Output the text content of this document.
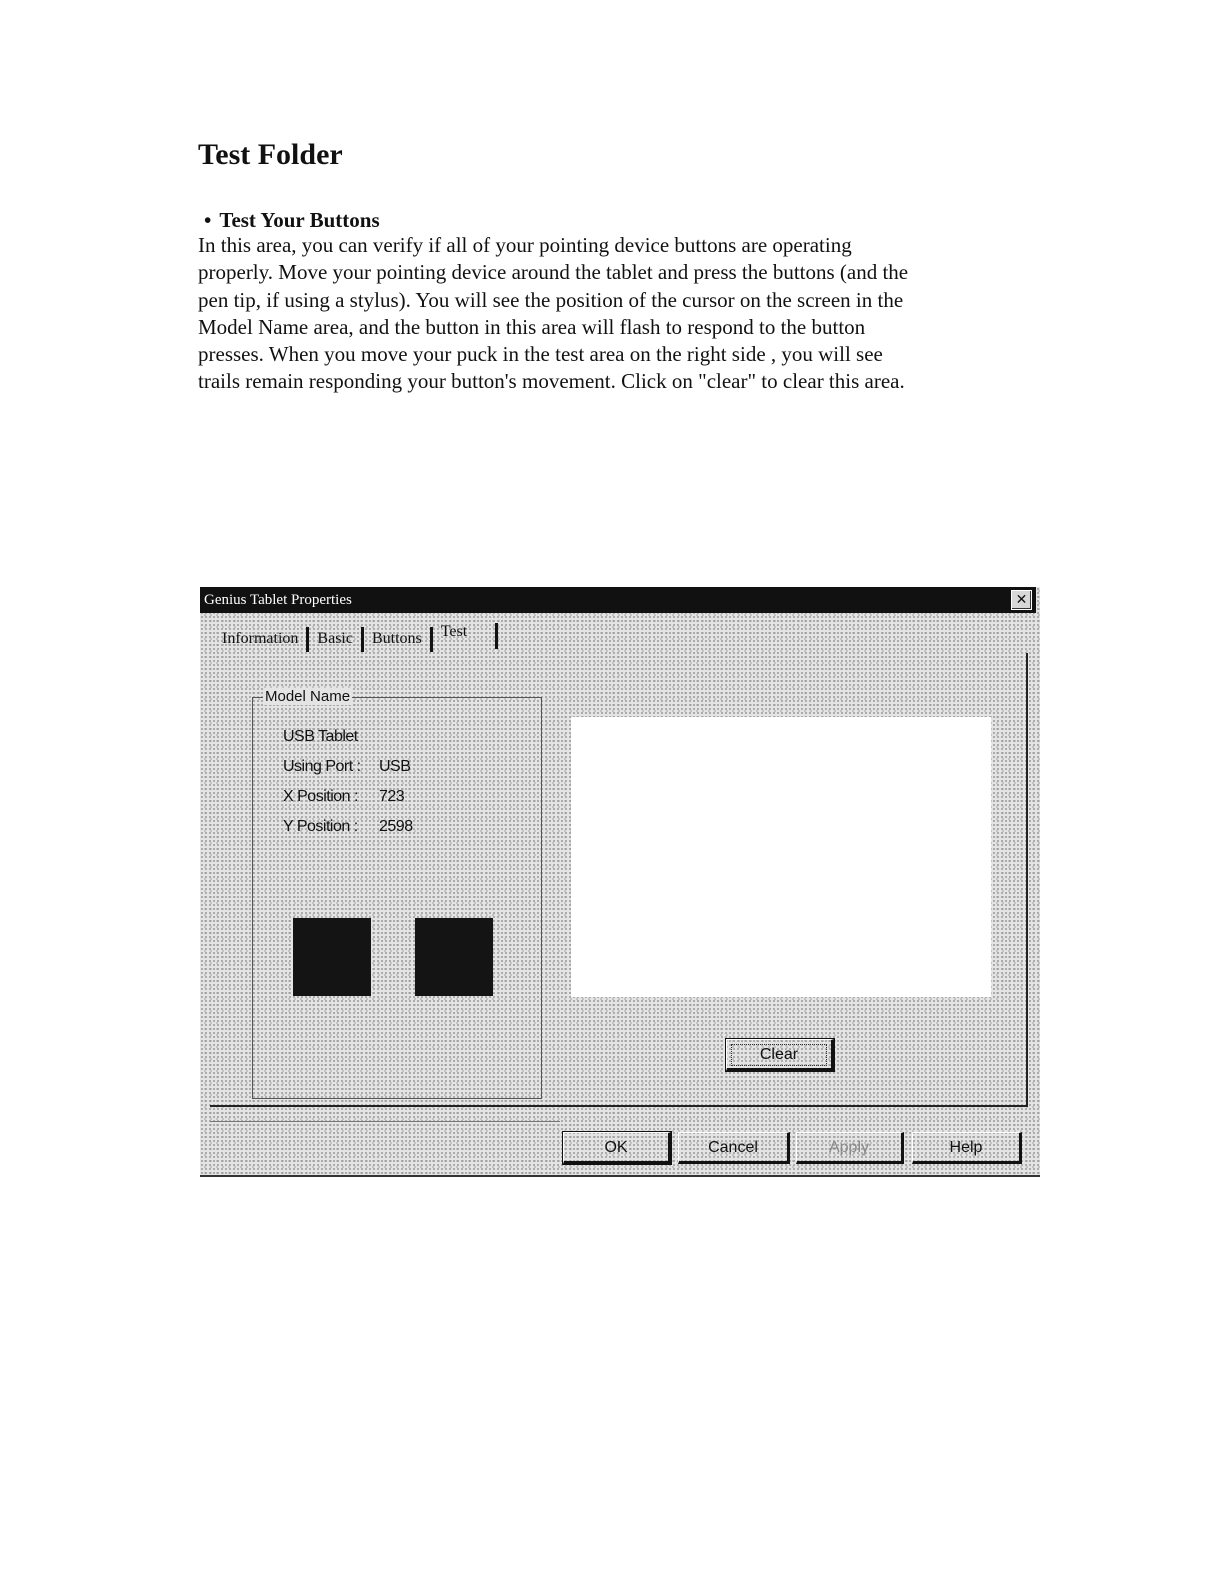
Test Folder
• Test Your Buttons
In this area, you can verify if all of your pointing device buttons are operating
properly. Move your pointing device around the tablet and press the buttons (and the
pen tip, if using a stylus). You will see the position of the cursor on the screen in the
Model Name area, and the button in this area will flash to respond to the button
presses. When you move your puck in the test area on the right side , you will see
trails remain responding your button's movement. Click on "clear" to clear this area.
Genius Tablet Properties	✕
Information	Basic	Buttons	Test
Model Name
USB Tablet
Using Port : USB
X Position : 723
Y Position : 2598
Clear
OK	Cancel	Apply	Help
